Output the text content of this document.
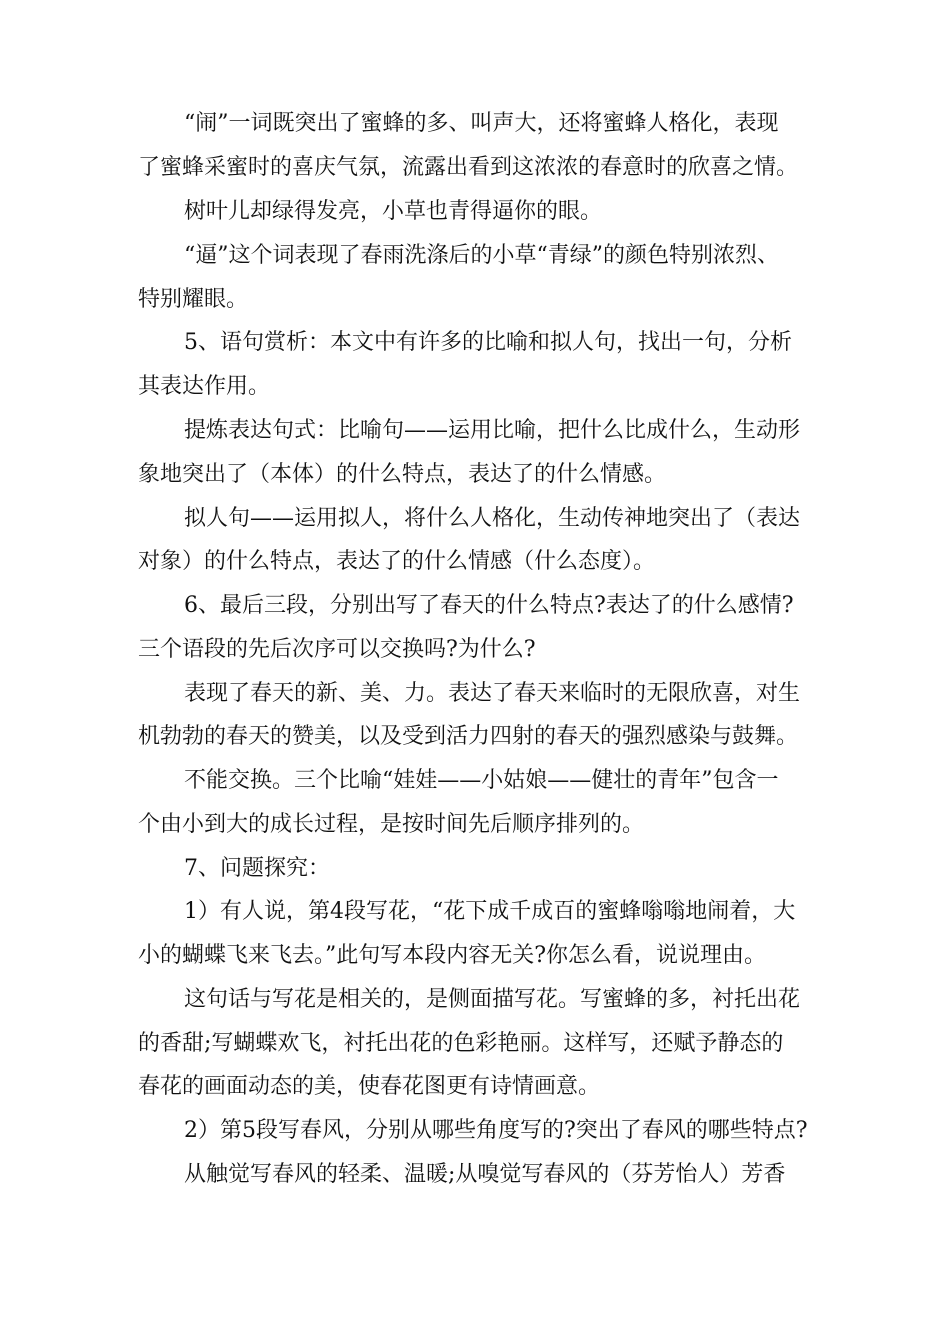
“闹”一词既突出了蜜蜂的多、叫声大，还将蜜蜂人格化，表现

了蜜蜂采蜜时的喜庆气氛，流露出看到这浓浓的春意时的欣喜之情。

树叶儿却绿得发亮，小草也青得逼你的眼。

“逼”这个词表现了春雨洗涤后的小草“青绿”的颜色特别浓烈、

特别耀眼。

5、语句赏析：本文中有许多的比喻和拟人句，找出一句，分析

其表达作用。

提炼表达句式：比喻句——运用比喻，把什么比成什么，生动形

象地突出了（本体）的什么特点，表达了的什么情感。

拟人句——运用拟人，将什么人格化，生动传神地突出了（表达

对象）的什么特点，表达了的什么情感（什么态度）。

6、最后三段，分别出写了春天的什么特点?表达了的什么感情?

三个语段的先后次序可以交换吗?为什么?

表现了春天的新、美、力。表达了春天来临时的无限欣喜，对生

机勃勃的春天的赞美，以及受到活力四射的春天的强烈感染与鼓舞。

不能交换。三个比喻“娃娃——小姑娘——健壮的青年”包含一

个由小到大的成长过程，是按时间先后顺序排列的。

7、问题探究：

1）有人说，第4段写花，“花下成千成百的蜜蜂嗡嗡地闹着，大

小的蝴蝶飞来飞去。”此句写本段内容无关?你怎么看，说说理由。

这句话与写花是相关的，是侧面描写花。写蜜蜂的多，衬托出花

的香甜;写蝴蝶欢飞，衬托出花的色彩艳丽。这样写，还赋予静态的

春花的画面动态的美，使春花图更有诗情画意。

2）第5段写春风，分别从哪些角度写的?突出了春风的哪些特点?

从触觉写春风的轻柔、温暖;从嗅觉写春风的（芬芳怡人）芳香
